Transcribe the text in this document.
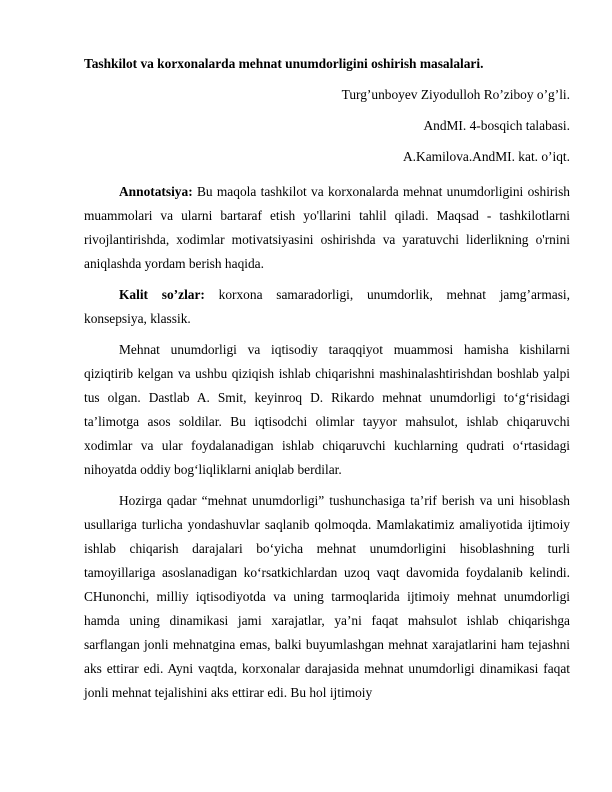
Tashkilot va korxonalarda mehnat unumdorligini oshirish masalalari.

Turg’unboyev Ziyodulloh Ro’ziboy o’g’li.

AndMI. 4-bosqich talabasi.

A.Kamilova.AndMI. kat. o’iqt.

Annotatsiya: Bu maqola tashkilot va korxonalarda mehnat unumdorligini oshirish muammolari va ularni bartaraf etish yo'llarini tahlil qiladi. Maqsad - tashkilotlarni rivojlantirishda, xodimlar motivatsiyasini oshirishda va yaratuvchi liderlikning o'rnini aniqlashda yordam berish haqida.

Kalit so’zlar: korxona samaradorligi, unumdorlik, mehnat jamg’armasi, konsepsiya, klassik.

Mehnat unumdorligi va iqtisodiy taraqqiyot muammosi hamisha kishilarni qiziqtirib kelgan va ushbu qiziqish ishlab chiqarishni mashinalashtirishdan boshlab yalpi tus olgan. Dastlab A. Smit, keyinroq D. Rikardo mehnat unumdorligi to‘g‘risidagi ta’limotga asos soldilar. Bu iqtisodchi olimlar tayyor mahsulot, ishlab chiqaruvchi xodimlar va ular foydalanadigan ishlab chiqaruvchi kuchlarning qudrati o‘rtasidagi nihoyatda oddiy bog‘liqliklarni aniqlab berdilar.

Hozirga qadar “mehnat unumdorligi” tushunchasiga ta’rif berish va uni hisoblash usullariga turlicha yondashuvlar saqlanib qolmoqda. Mamlakatimiz amaliyotida ijtimoiy ishlab chiqarish darajalari bo‘yicha mehnat unumdorligini hisoblashning turli tamoyillariga asoslanadigan ko‘rsatkichlardan uzoq vaqt davomida foydalanib kelindi. CHunonchi, milliy iqtisodiyotda va uning tarmoqlarida ijtimoiy mehnat unumdorligi hamda uning dinamikasi jami xarajatlar, ya’ni faqat mahsulot ishlab chiqarishga sarflangan jonli mehnatgina emas, balki buyumlashgan mehnat xarajatlarini ham tejashni aks ettirar edi. Ayni vaqtda, korxonalar darajasida mehnat unumdorligi dinamikasi faqat jonli mehnat tejalishini aks ettirar edi. Bu hol ijtimoiy
